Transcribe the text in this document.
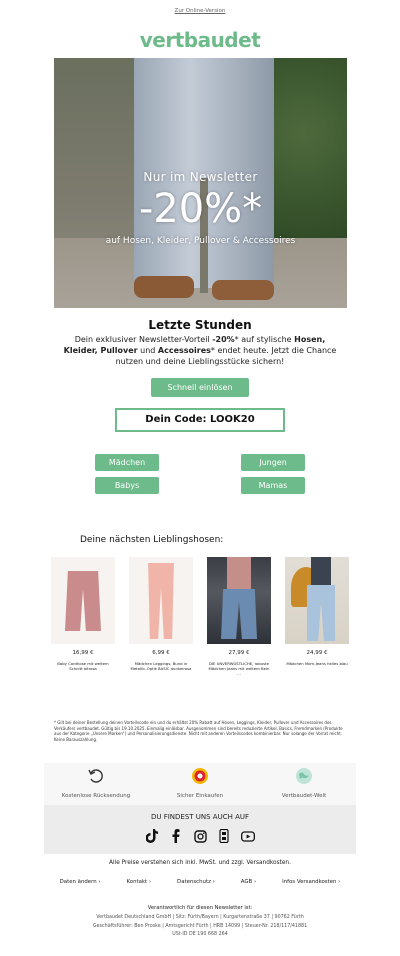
Zur Online-Version
vertbaudet
Nur im Newsletter
-20%*
auf Hosen, Kleider, Pullover & Accessoires
Letzte Stunden
Dein exklusiver Newsletter-Vorteil -20%* auf stylische Hosen, Kleider, Pullover und Accessoires* endet heute. Jetzt die Chance nutzen und deine Lieblingsstücke sichern!
Schnell einlösen
Dein Code: LOOK20
Mädchen	Jungen
Babys	Mamas
Deine nächsten Lieblingshosen:
16,99 €
Baby Cordhose mit weitem Schnitt altrosa
6,99 €
Mädchen Leggings, Bund in Metallic-Optik BASIC dunkelrosa
27,99 €
DIE UNVERWÜSTLICHE, robuste Mädchen Jeans mit weitem Bein ...
24,99 €
Mädchen Mom-Jeans helles blau
* Gilt bei deiner Bestellung deinen Vorteilscode ein und du erhältst 20% Rabatt auf Hosen, Leggings, Kleider, Pullover und Accessoires des Verkäufers vertbaudet. Gültig bis 19.10.2025. Einmalig einlösbar. Ausgenommen sind bereits reduzierte Artikel, Basics, Fremdmarken (Produkte aus der Kategorie „Unsere Marken“) und Personalisierungsdienste. Nicht mit anderen Vorteilscodes kombinierbar. Nur solange der Vorrat reicht. Keine Barauszahlung.
Kostenlose Rücksendung	Sicher Einkaufen	Vertbaudet-Welt
DU FINDEST UNS AUCH AUF
Alle Preise verstehen sich inkl. MwSt. und zzgl. Versandkosten.
Daten ändern ›	Kontakt ›	Datenschutz ›	AGB ›	Infos Versandkosten ›
Verantwortlich für diesen Newsletter ist:
Vertbaudet Deutschland GmbH | Sitz: Fürth/Bayern | Kurgartenstraße 37 | 90762 Fürth
Geschäftsführer: Ben Proske | Amtsgericht Fürth | HRB 14099 | Steuer-Nr. 218/117/41881
USt-ID DE 190 668 264
